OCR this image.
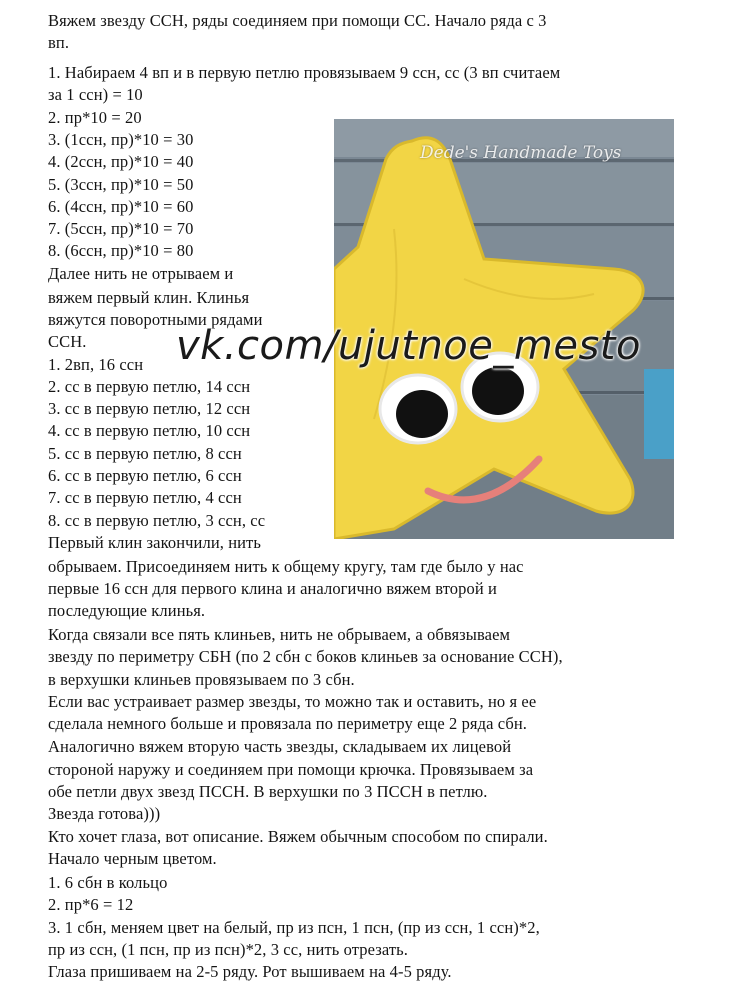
Вяжем звезду ССН, ряды соединяем при помощи СС. Начало ряда с 3
вп.
1. Набираем 4 вп и в первую петлю провязываем 9 ссн, сс (3 вп считаем
за 1 ссн) = 10
2. пр*10 = 20
3. (1ссн, пр)*10 = 30
4. (2ссн, пр)*10 = 40
5. (3ссн, пр)*10 = 50
6. (4ссн, пр)*10 = 60
7. (5ссн, пр)*10 = 70
8. (6ссн, пр)*10 = 80
Далее нить не отрываем и
вяжем первый клин. Клинья
вяжутся поворотными рядами
ССН.
1. 2вп, 16 ссн
2. сс в первую петлю, 14 ссн
3. сс в первую петлю, 12 ссн
4. сс в первую петлю, 10 ссн
5. сс в первую петлю, 8 ссн
6. сс в первую петлю, 6 ссн
7. сс в первую петлю, 4 ссн
8. сс в первую петлю, 3 ссн, сс
Первый клин закончили, нить
обрываем. Присоединяем нить к общему кругу, там где было у нас
первые 16 ссн для первого клина и аналогично вяжем второй и
последующие клинья.
Когда связали все пять клиньев, нить не обрываем, а обвязываем
звезду по периметру СБН (по 2 сбн с боков клиньев за основание ССН),
в верхушки клиньев провязываем по 3 сбн.
Если вас устраивает размер звезды, то можно так и оставить, но я ее
сделала немного больше и провязала по периметру еще 2 ряда сбн.
Аналогично вяжем вторую часть звезды, складываем их лицевой
стороной наружу и соединяем при помощи крючка. Провязываем за
обе петли двух звезд ПССН. В верхушки по 3 ПССН в петлю.
Звезда готова)))
Кто хочет глаза, вот описание. Вяжем обычным способом по спирали.
Начало черным цветом.
1. 6 сбн в кольцо
2. пр*6 = 12
3. 1 сбн, меняем цвет на белый, пр из псн, 1 псн, (пр из ссн, 1 ссн)*2,
пр из ссн, (1 псн, пр из псн)*2, 3 сс, нить отрезать.
Глаза пришиваем на 2-5 ряду. Рот вышиваем на 4-5 ряду.
Dede's Handmade Toys
vk.com/ujutnoe_mesto
